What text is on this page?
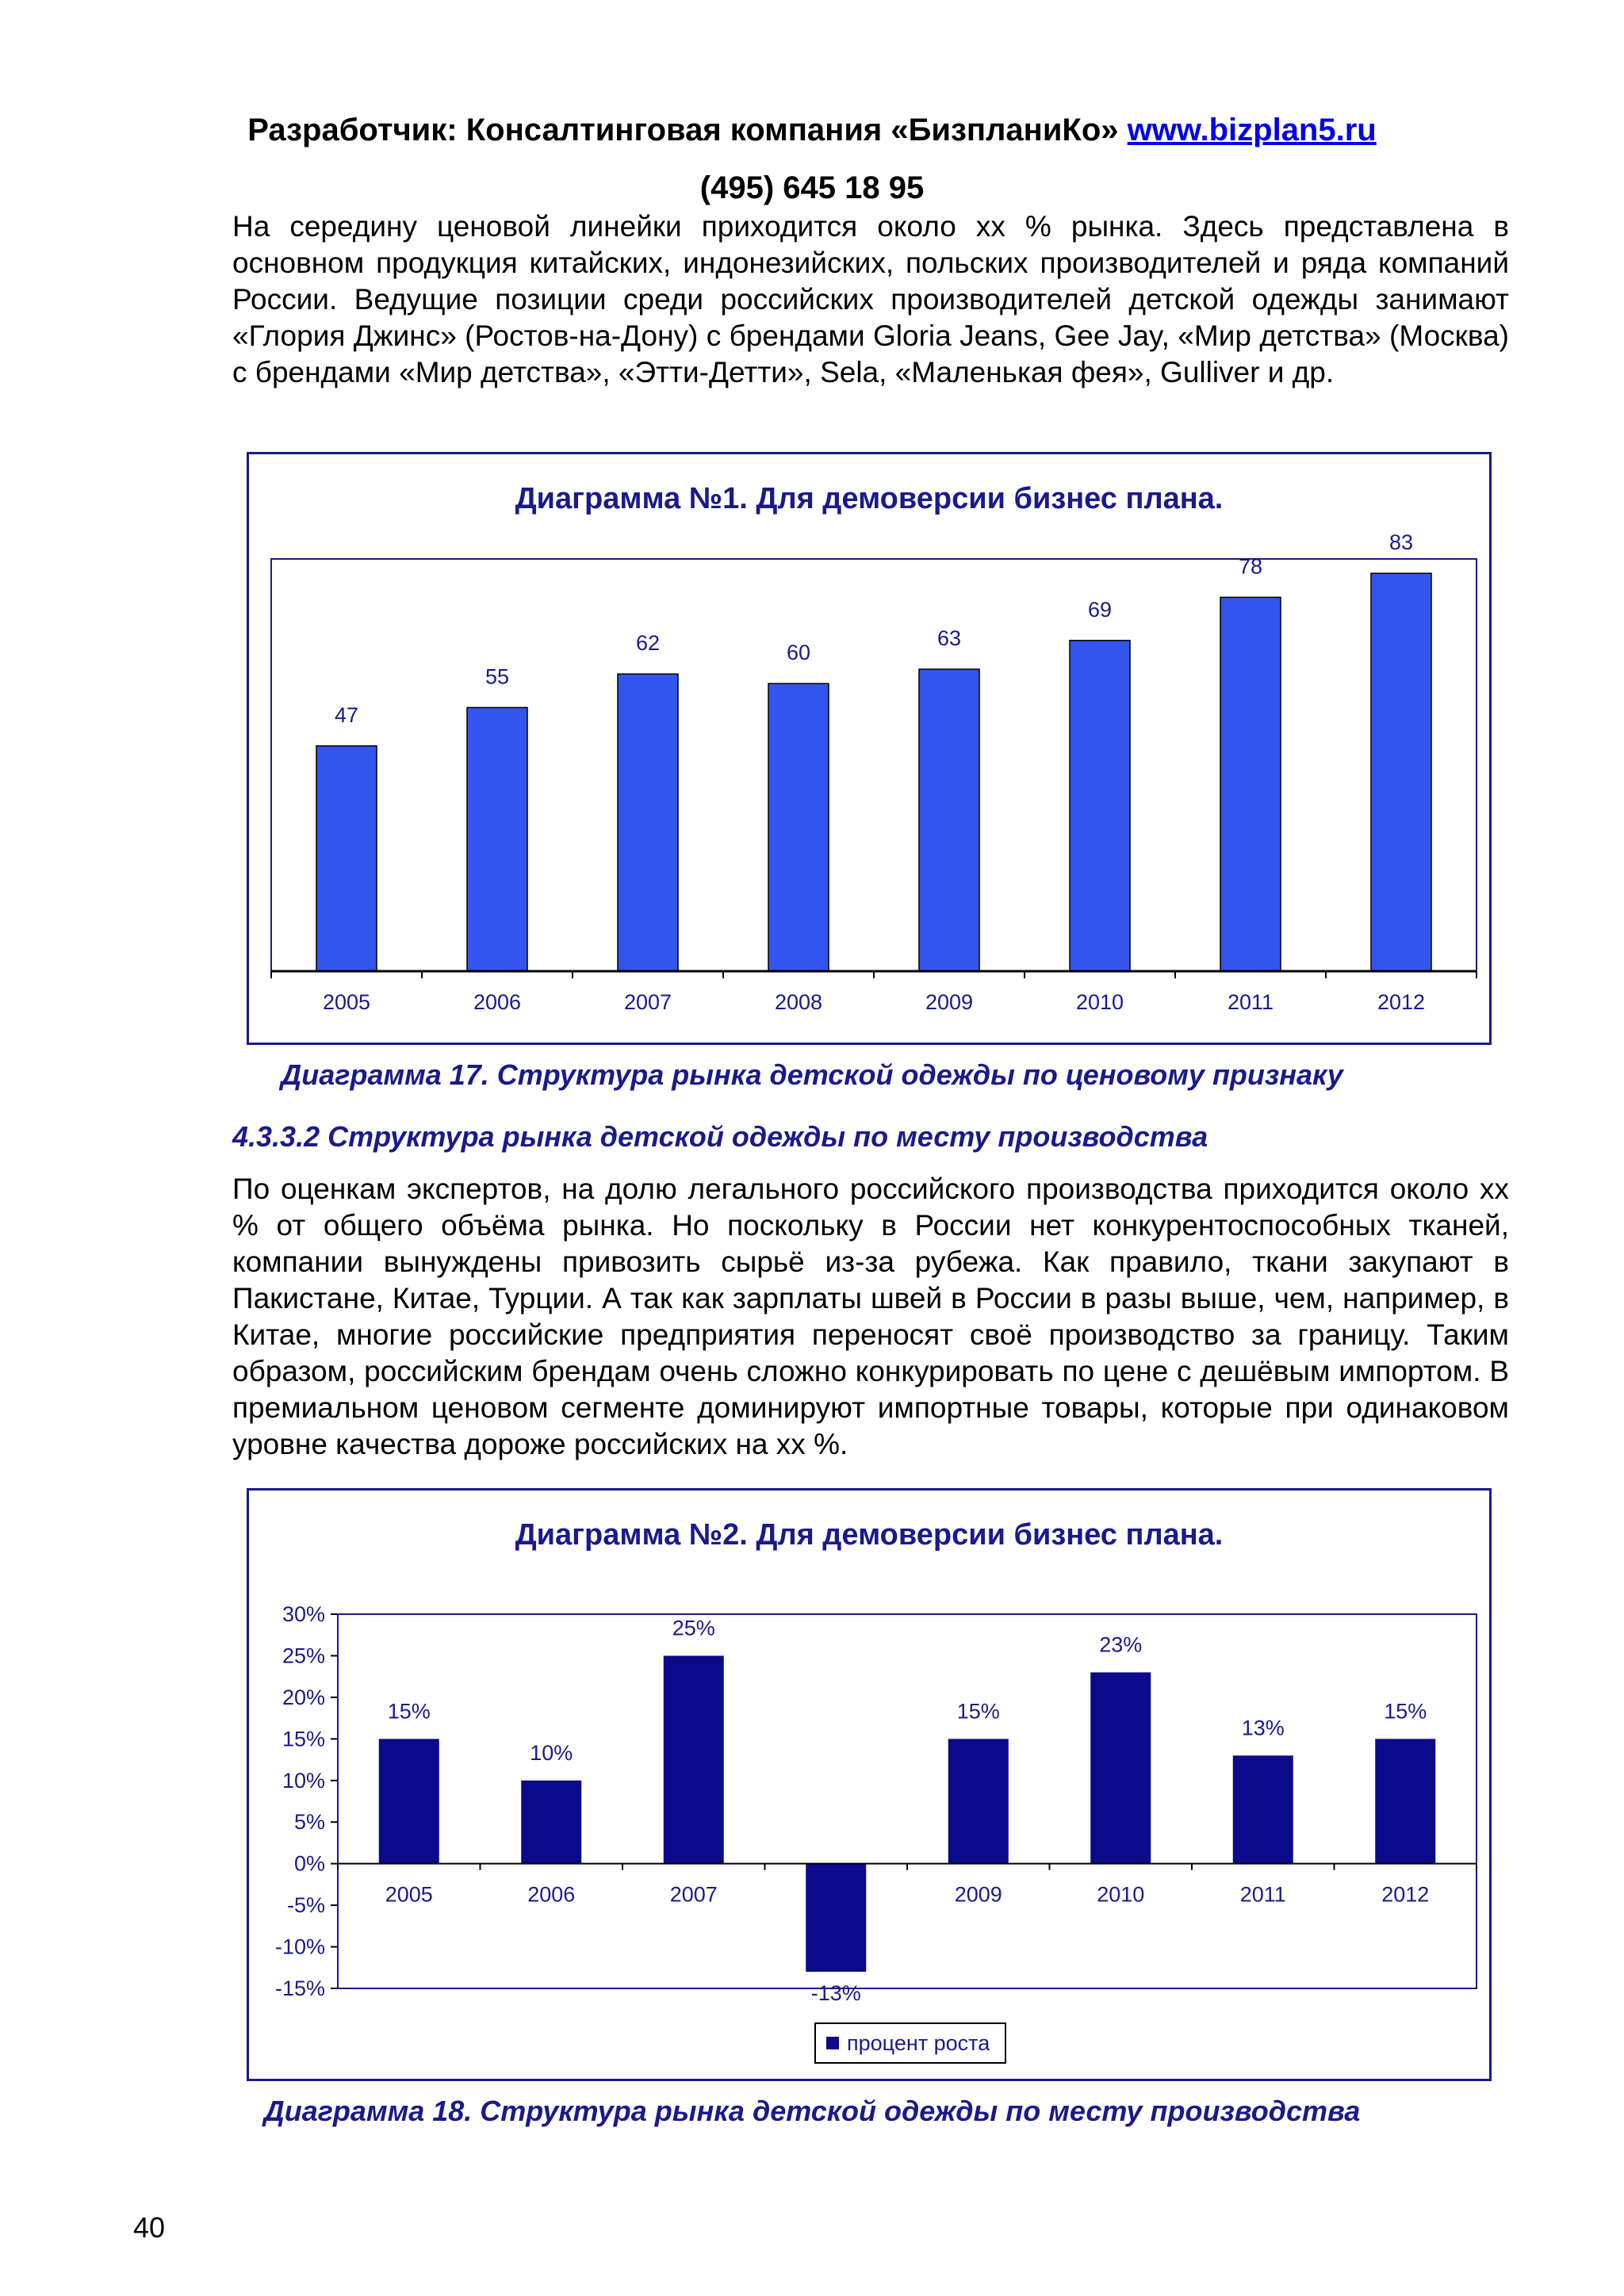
Разработчик: Консалтинговая компания «БизпланиКо» www.bizplan5.ru
(495) 645 18 95

На середину ценовой линейки приходится около хх % рынка. Здесь представлена в основном продукция китайских, индонезийских, польских производителей и ряда компаний России. Ведущие позиции среди российских производителей детской одежды занимают «Глория Джинс» (Ростов-на-Дону) с брендами Gloria Jeans, Gee Jay, «Мир детства» (Москва) с брендами «Мир детства», «Этти-Детти», Sela, «Маленькая фея», Gulliver и др.

Диаграмма №1. Для демоверсии бизнес плана.
47
2005
55
2006
62
2007
60
2008
63
2009
69
2010
78
2011
83
2012
Диаграмма 17. Структура рынка детской одежды по ценовому признаку
4.3.3.2 Структура рынка детской одежды по месту производства

По оценкам экспертов, на долю легального российского производства приходится около хх % от общего объёма рынка. Но поскольку в России нет конкурентоспособных тканей, компании вынуждены привозить сырьё из-за рубежа. Как правило, ткани закупают в Пакистане, Китае, Турции. А так как зарплаты швей в России в разы выше, чем, например, в Китае, многие российские предприятия переносят своё производство за границу. Таким образом, российским брендам очень сложно конкурировать по цене с дешёвым импортом. В премиальном ценовом сегменте доминируют импортные товары, которые при одинаковом уровне качества дороже российских на хх %.

Диаграмма №2. Для демоверсии бизнес плана.
30%
25%
20%
15%
10%
5%
0%
-5%
-10%
-15%
15%
2005
10%
2006
25%
2007
-13%
15%
2009
23%
2010
13%
2011
15%
2012
процент роста
Диаграмма 18. Структура рынка детской одежды по месту производства
40
